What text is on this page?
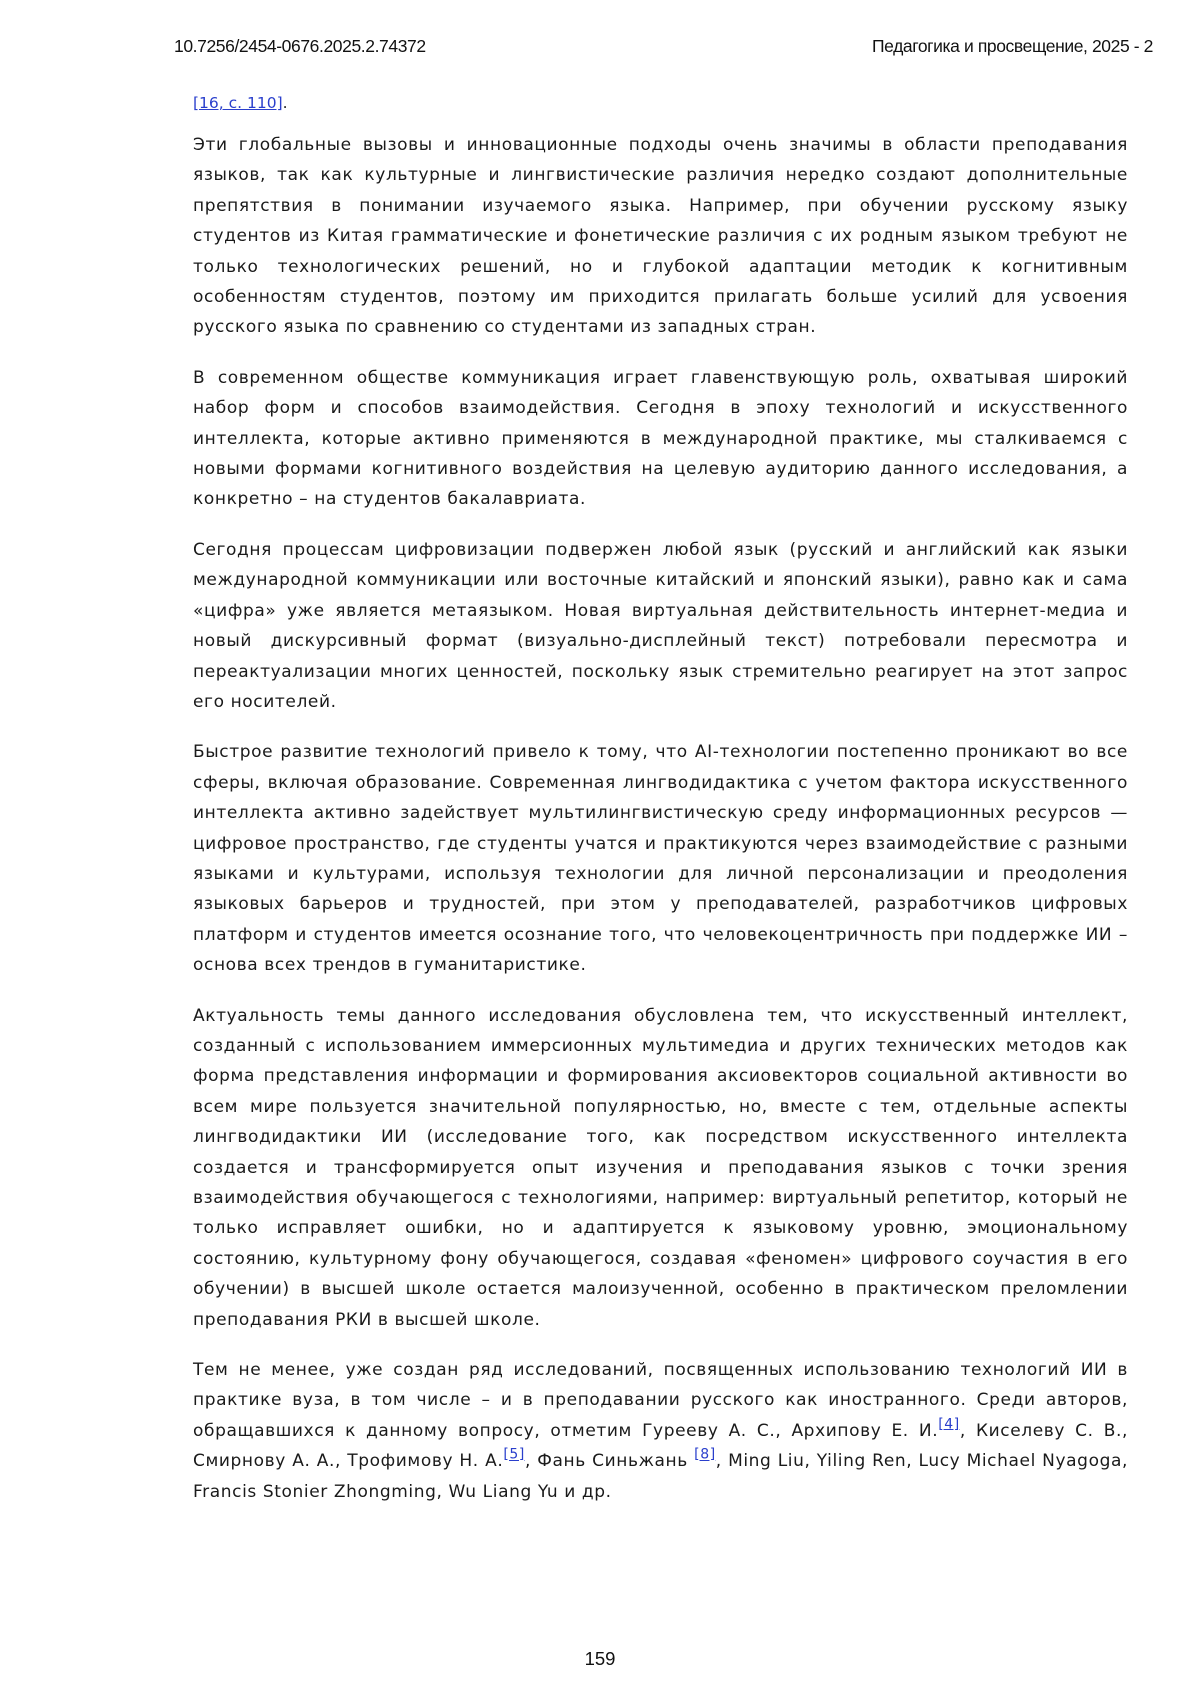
10.7256/2454-0676.2025.2.74372	Педагогика и просвещение, 2025 - 2
[16, с. 110].

Эти глобальные вызовы и инновационные подходы очень значимы в области преподавания языков, так как культурные и лингвистические различия нередко создают дополнительные препятствия в понимании изучаемого языка. Например, при обучении русскому языку студентов из Китая грамматические и фонетические различия с их родным языком требуют не только технологических решений, но и глубокой адаптации методик к когнитивным особенностям студентов, поэтому им приходится прилагать больше усилий для усвоения русского языка по сравнению со студентами из западных стран.

В современном обществе коммуникация играет главенствующую роль, охватывая широкий набор форм и способов взаимодействия. Сегодня в эпоху технологий и искусственного интеллекта, которые активно применяются в международной практике, мы сталкиваемся с новыми формами когнитивного воздействия на целевую аудиторию данного исследования, а конкретно – на студентов бакалавриата.

Сегодня процессам цифровизации подвержен любой язык (русский и английский как языки международной коммуникации или восточные китайский и японский языки), равно как и сама «цифра» уже является метаязыком. Новая виртуальная действительность интернет-медиа и новый дискурсивный формат (визуально-дисплейный текст) потребовали пересмотра и переактуализации многих ценностей, поскольку язык стремительно реагирует на этот запрос его носителей.

Быстрое развитие технологий привело к тому, что AI-технологии постепенно проникают во все сферы, включая образование. Современная лингводидактика с учетом фактора искусственного интеллекта активно задействует мультилингвистическую среду информационных ресурсов — цифровое пространство, где студенты учатся и практикуются через взаимодействие с разными языками и культурами, используя технологии для личной персонализации и преодоления языковых барьеров и трудностей, при этом у преподавателей, разработчиков цифровых платформ и студентов имеется осознание того, что человекоцентричность при поддержке ИИ – основа всех трендов в гуманитаристике.

Актуальность темы данного исследования обусловлена тем, что искусственный интеллект, созданный с использованием иммерсионных мультимедиа и других технических методов как форма представления информации и формирования аксиовекторов социальной активности во всем мире пользуется значительной популярностью, но, вместе с тем, отдельные аспекты лингводидактики ИИ (исследование того, как посредством искусственного интеллекта создается и трансформируется опыт изучения и преподавания языков с точки зрения взаимодействия обучающегося с технологиями, например: виртуальный репетитор, который не только исправляет ошибки, но и адаптируется к языковому уровню, эмоциональному состоянию, культурному фону обучающегося, создавая «феномен» цифрового соучастия в его обучении) в высшей школе остается малоизученной, особенно в практическом преломлении преподавания РКИ в высшей школе.

Тем не менее, уже создан ряд исследований, посвященных использованию технологий ИИ в практике вуза, в том числе – и в преподавании русского как иностранного. Среди авторов, обращавшихся к данному вопросу, отметим Гурееву А. С., Архипову Е. И.[4], Киселеву С. В., Смирнову А. А., Трофимову Н. А.[5], Фань Синьжань [8], Ming Liu, Yiling Ren, Lucy Michael Nyagoga, Francis Stonier Zhongming, Wu Liang Yu и др.

159
